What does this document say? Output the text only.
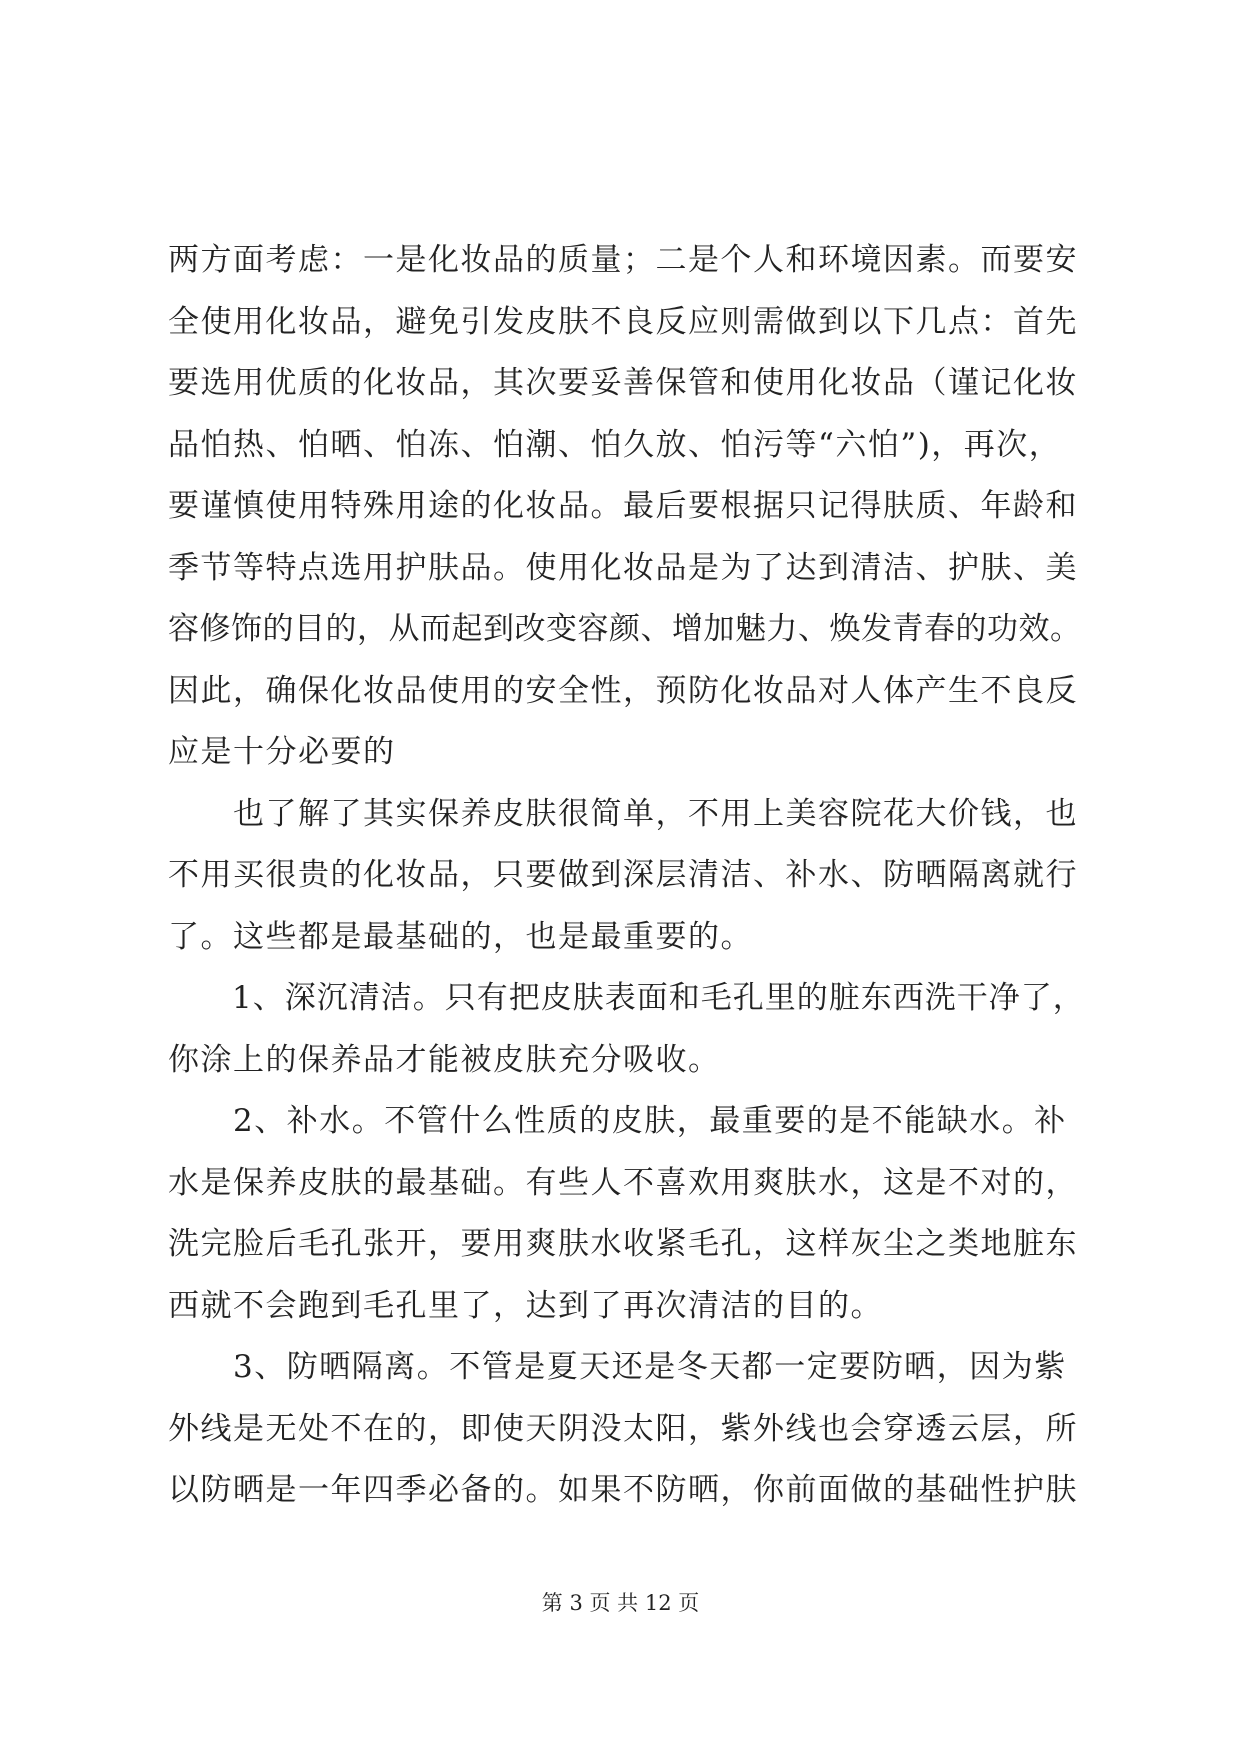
两方面考虑：一是化妆品的质量；二是个人和环境因素。而要安
全使用化妆品，避免引发皮肤不良反应则需做到以下几点：首先
要选用优质的化妆品，其次要妥善保管和使用化妆品（谨记化妆
品怕热、怕晒、怕冻、怕潮、怕久放、怕污等“六怕”)，再次，
要谨慎使用特殊用途的化妆品。最后要根据只记得肤质、年龄和
季节等特点选用护肤品。使用化妆品是为了达到清洁、护肤、美
容修饰的目的，从而起到改变容颜、增加魅力、焕发青春的功效。
因此，确保化妆品使用的安全性，预防化妆品对人体产生不良反
应是十分必要的
　　也了解了其实保养皮肤很简单，不用上美容院花大价钱，也
不用买很贵的化妆品，只要做到深层清洁、补水、防晒隔离就行
了。这些都是最基础的，也是最重要的。
　　1、深沉清洁。只有把皮肤表面和毛孔里的脏东西洗干净了，
你涂上的保养品才能被皮肤充分吸收。
　　2、补水。不管什么性质的皮肤，最重要的是不能缺水。补
水是保养皮肤的最基础。有些人不喜欢用爽肤水，这是不对的，
洗完脸后毛孔张开，要用爽肤水收紧毛孔，这样灰尘之类地脏东
西就不会跑到毛孔里了，达到了再次清洁的目的。
　　3、防晒隔离。不管是夏天还是冬天都一定要防晒，因为紫
外线是无处不在的，即使天阴没太阳，紫外线也会穿透云层，所
以防晒是一年四季必备的。如果不防晒，你前面做的基础性护肤
第 3 页 共 12 页
